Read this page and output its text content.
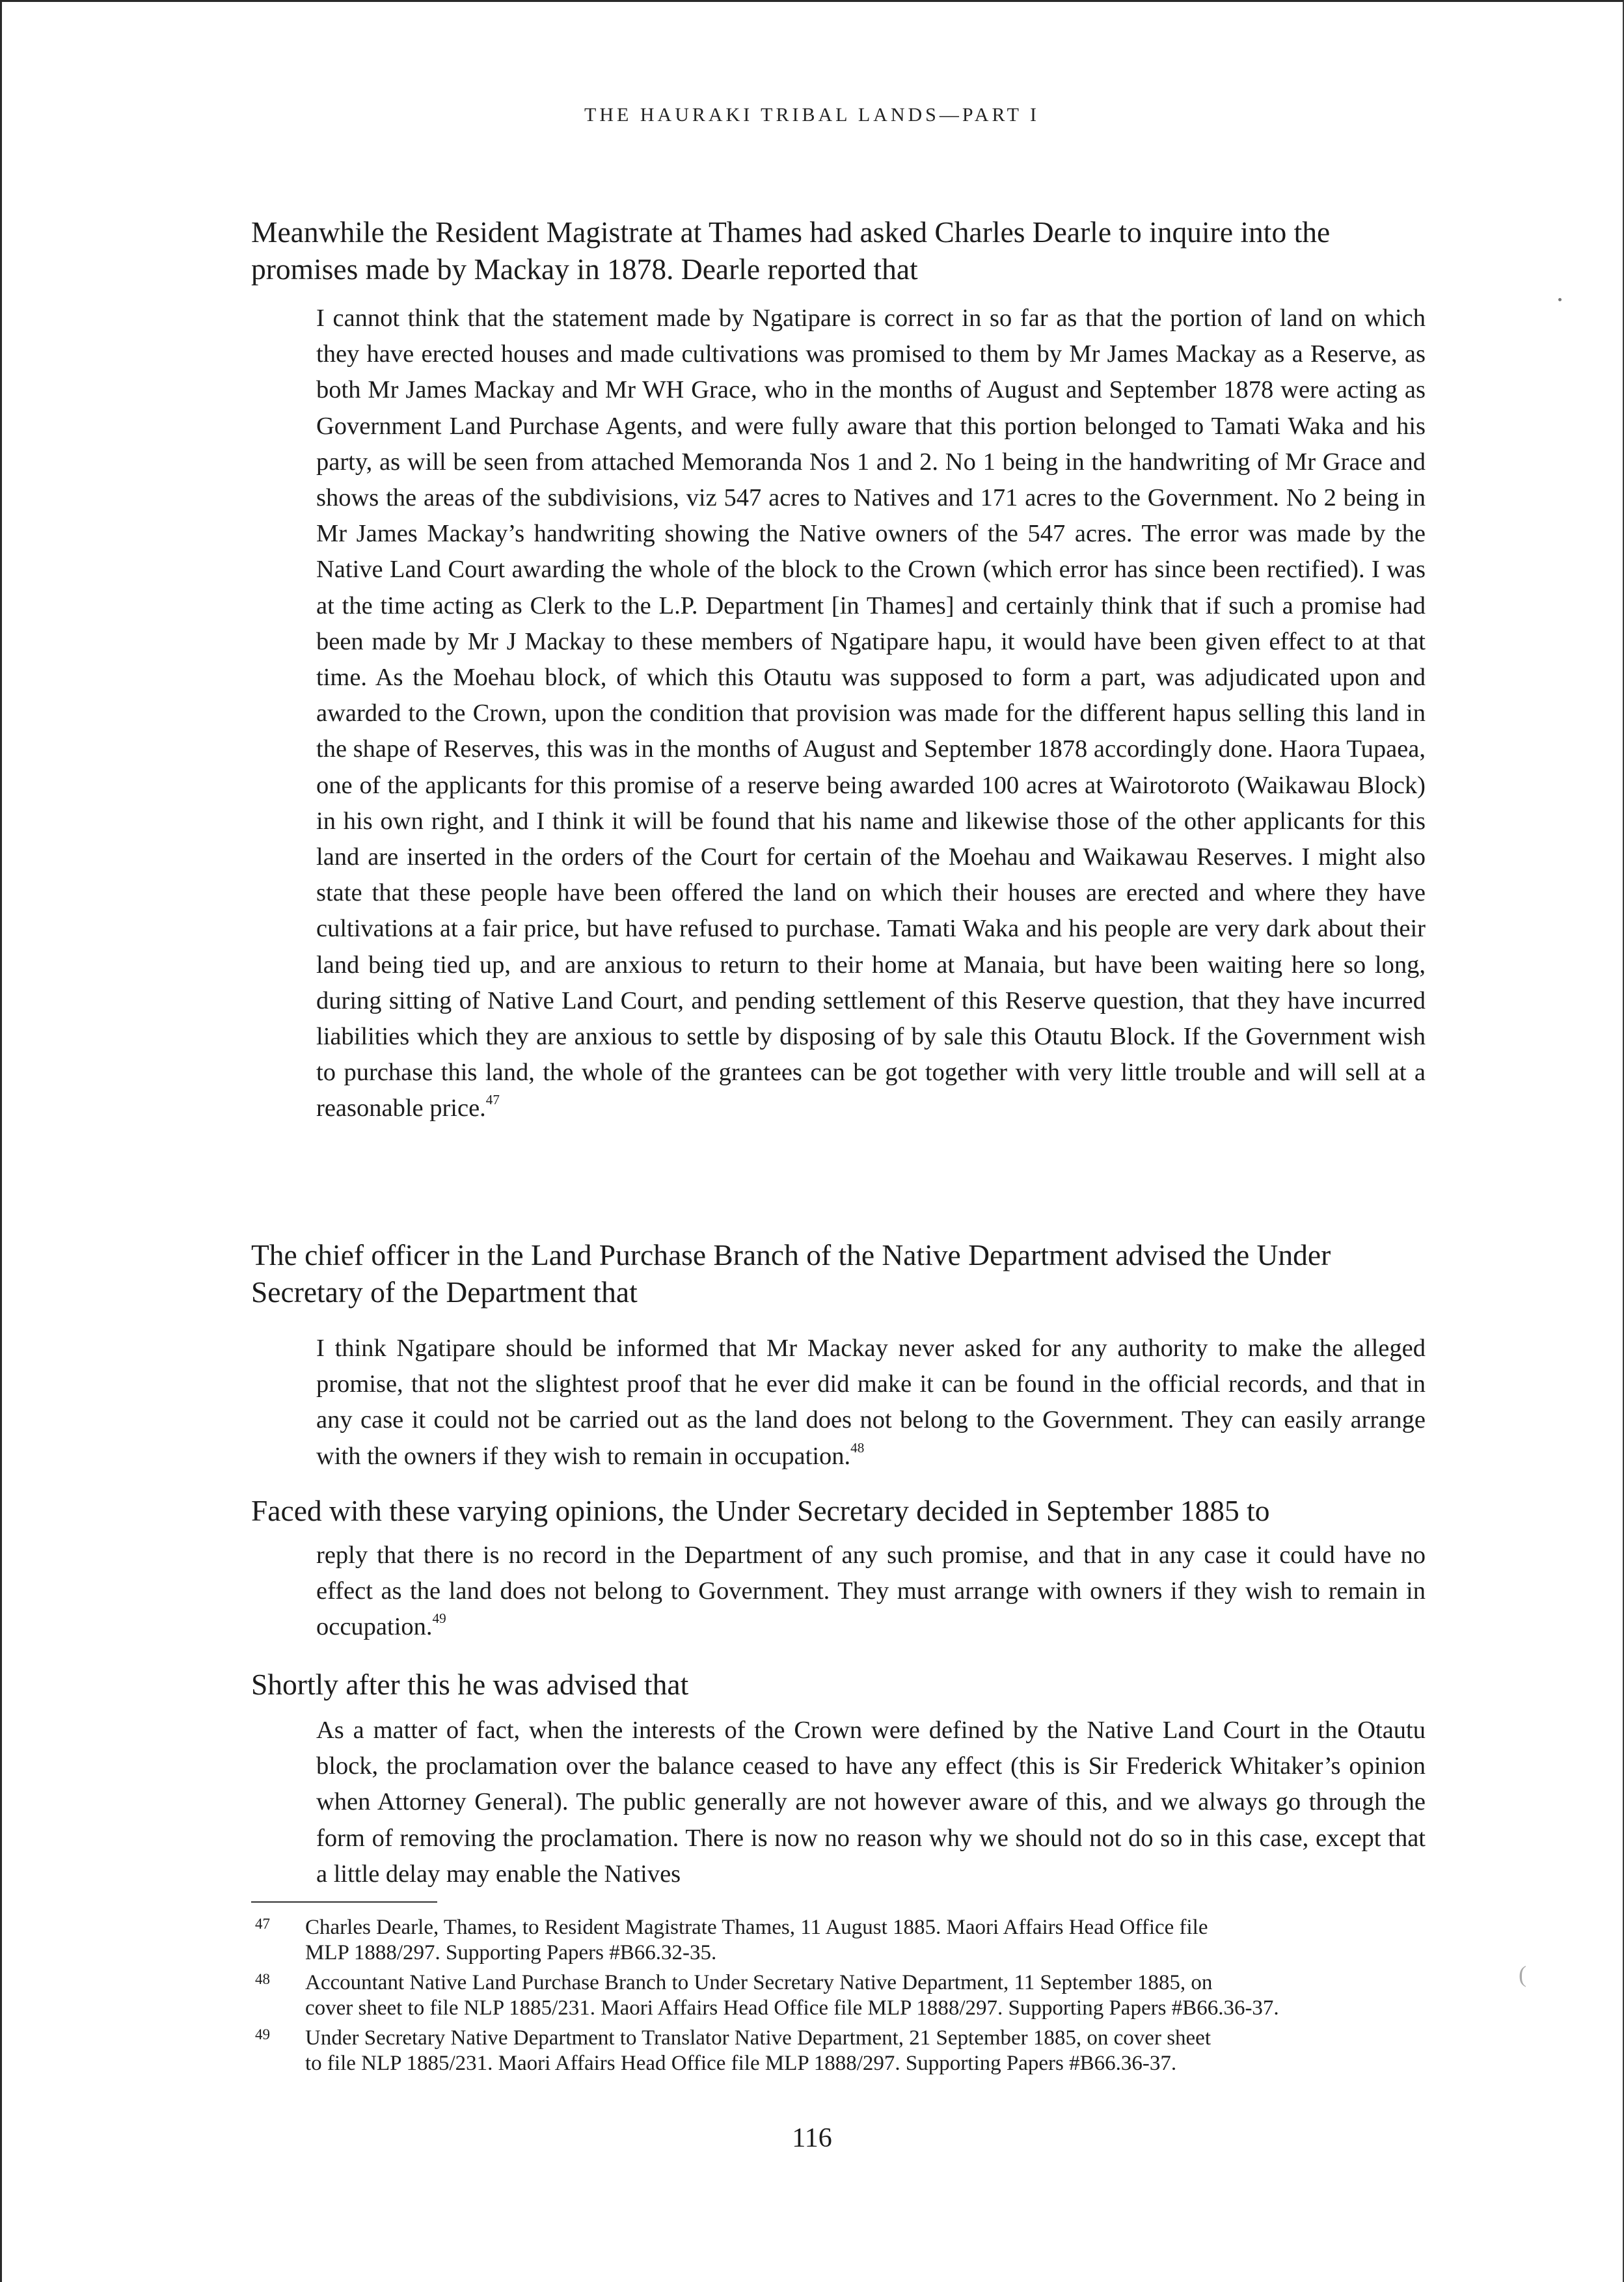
THE HAURAKI TRIBAL LANDS—PART I
Meanwhile the Resident Magistrate at Thames had asked Charles Dearle to inquire into the
promises made by Mackay in 1878. Dearle reported that

I cannot think that the statement made by Ngatipare is correct in so far as that the portion of land on which they have erected houses and made cultivations was promised to them by Mr James Mackay as a Reserve, as both Mr James Mackay and Mr WH Grace, who in the months of August and September 1878 were acting as Government Land Purchase Agents, and were fully aware that this portion belonged to Tamati Waka and his party, as will be seen from attached Memoranda Nos 1 and 2. No 1 being in the handwriting of Mr Grace and shows the areas of the subdivisions, viz 547 acres to Natives and 171 acres to the Government. No 2 being in Mr James Mackay’s handwriting showing the Native owners of the 547 acres. The error was made by the Native Land Court awarding the whole of the block to the Crown (which error has since been rectified). I was at the time acting as Clerk to the L.P. Department [in Thames] and certainly think that if such a promise had been made by Mr J Mackay to these members of Ngatipare hapu, it would have been given effect to at that time. As the Moehau block, of which this Otautu was supposed to form a part, was adjudicated upon and awarded to the Crown, upon the condition that provision was made for the different hapus selling this land in the shape of Reserves, this was in the months of August and September 1878 accordingly done. Haora Tupaea, one of the applicants for this promise of a reserve being awarded 100 acres at Wairotoroto (Waikawau Block) in his own right, and I think it will be found that his name and likewise those of the other applicants for this land are inserted in the orders of the Court for certain of the Moehau and Waikawau Reserves. I might also state that these people have been offered the land on which their houses are erected and where they have cultivations at a fair price, but have refused to purchase. Tamati Waka and his people are very dark about their land being tied up, and are anxious to return to their home at Manaia, but have been waiting here so long, during sitting of Native Land Court, and pending settlement of this Reserve question, that they have incurred liabilities which they are anxious to settle by disposing of by sale this Otautu Block. If the Government wish to purchase this land, the whole of the grantees can be got together with very little trouble and will sell at a reasonable price.$^{47}$

The chief officer in the Land Purchase Branch of the Native Department advised the Under
Secretary of the Department that

I think Ngatipare should be informed that Mr Mackay never asked for any authority to make the alleged promise, that not the slightest proof that he ever did make it can be found in the official records, and that in any case it could not be carried out as the land does not belong to the Government. They can easily arrange with the owners if they wish to remain in occupation.$^{48}$

Faced with these varying opinions, the Under Secretary decided in September 1885 to

reply that there is no record in the Department of any such promise, and that in any case it could have no effect as the land does not belong to Government. They must arrange with owners if they wish to remain in occupation.$^{49}$

Shortly after this he was advised that

As a matter of fact, when the interests of the Crown were defined by the Native Land Court in the Otautu block, the proclamation over the balance ceased to have any effect (this is Sir Frederick Whitaker’s opinion when Attorney General). The public generally are not however aware of this, and we always go through the form of removing the proclamation. There is now no reason why we should not do so in this case, except that a little delay may enable the Natives

47 Charles Dearle, Thames, to Resident Magistrate Thames, 11 August 1885. Maori Affairs Head Office file
MLP 1888/297. Supporting Papers #B66.32-35.
48 Accountant Native Land Purchase Branch to Under Secretary Native Department, 11 September 1885, on
cover sheet to file NLP 1885/231. Maori Affairs Head Office file MLP 1888/297. Supporting Papers #B66.36-37.
49 Under Secretary Native Department to Translator Native Department, 21 September 1885, on cover sheet
to file NLP 1885/231. Maori Affairs Head Office file MLP 1888/297. Supporting Papers #B66.36-37.
116
(
